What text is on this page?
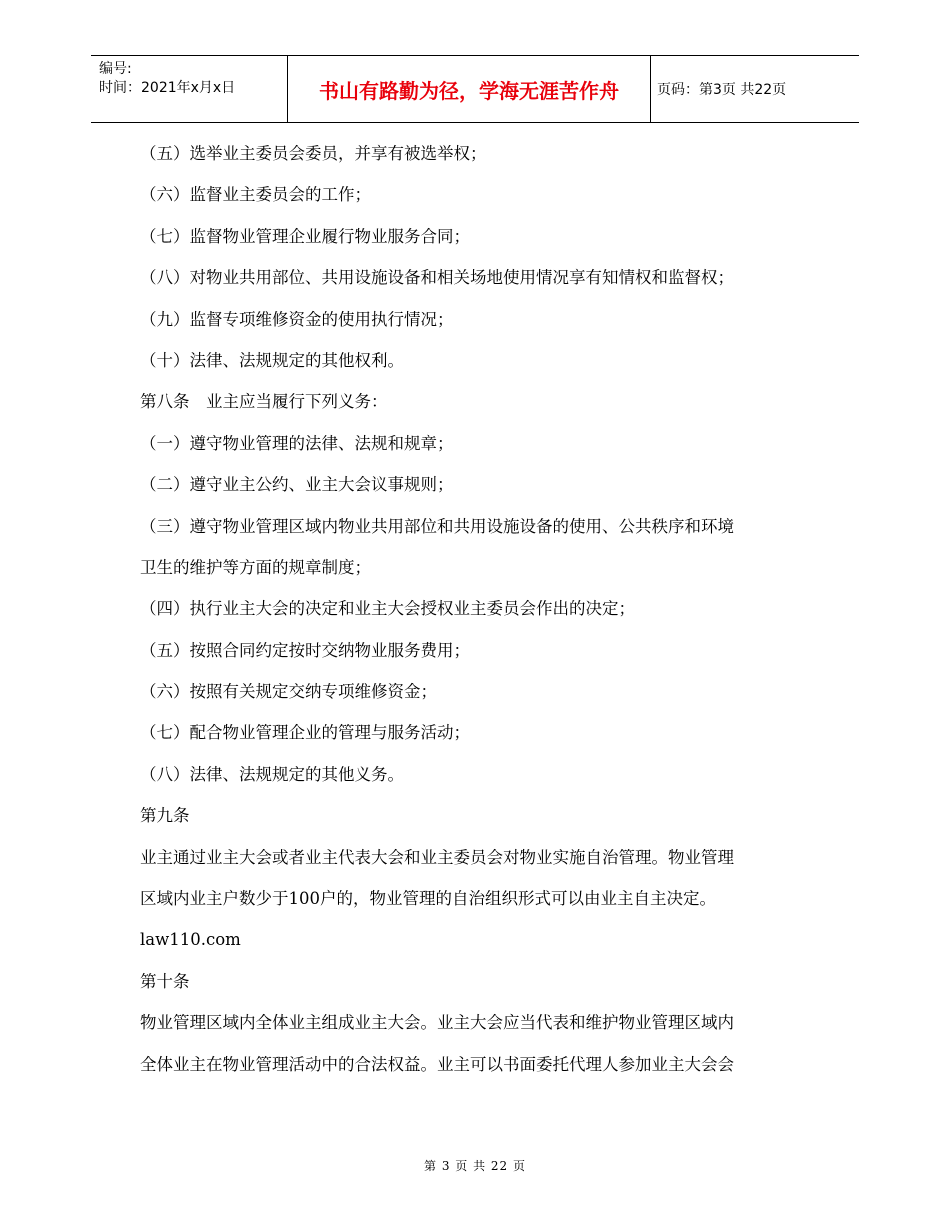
编号:
时间：2021年x月x日	书山有路勤为径，学海无涯苦作舟	页码：第3页 共22页
（五）选举业主委员会委员，并享有被选举权；
（六）监督业主委员会的工作；
（七）监督物业管理企业履行物业服务合同；
（八）对物业共用部位、共用设施设备和相关场地使用情况享有知情权和监督权；
（九）监督专项维修资金的使用执行情况；
（十）法律、法规规定的其他权利。
第八条　业主应当履行下列义务：
（一）遵守物业管理的法律、法规和规章；
（二）遵守业主公约、业主大会议事规则；
（三）遵守物业管理区域内物业共用部位和共用设施设备的使用、公共秩序和环境
卫生的维护等方面的规章制度；
（四）执行业主大会的决定和业主大会授权业主委员会作出的决定；
（五）按照合同约定按时交纳物业服务费用；
（六）按照有关规定交纳专项维修资金；
（七）配合物业管理企业的管理与服务活动；
（八）法律、法规规定的其他义务。
第九条
业主通过业主大会或者业主代表大会和业主委员会对物业实施自治管理。物业管理
区域内业主户数少于100户的，物业管理的自治组织形式可以由业主自主决定。
law110.com
第十条
物业管理区域内全体业主组成业主大会。业主大会应当代表和维护物业管理区域内
全体业主在物业管理活动中的合法权益。业主可以书面委托代理人参加业主大会会
第 3 页 共 22 页
